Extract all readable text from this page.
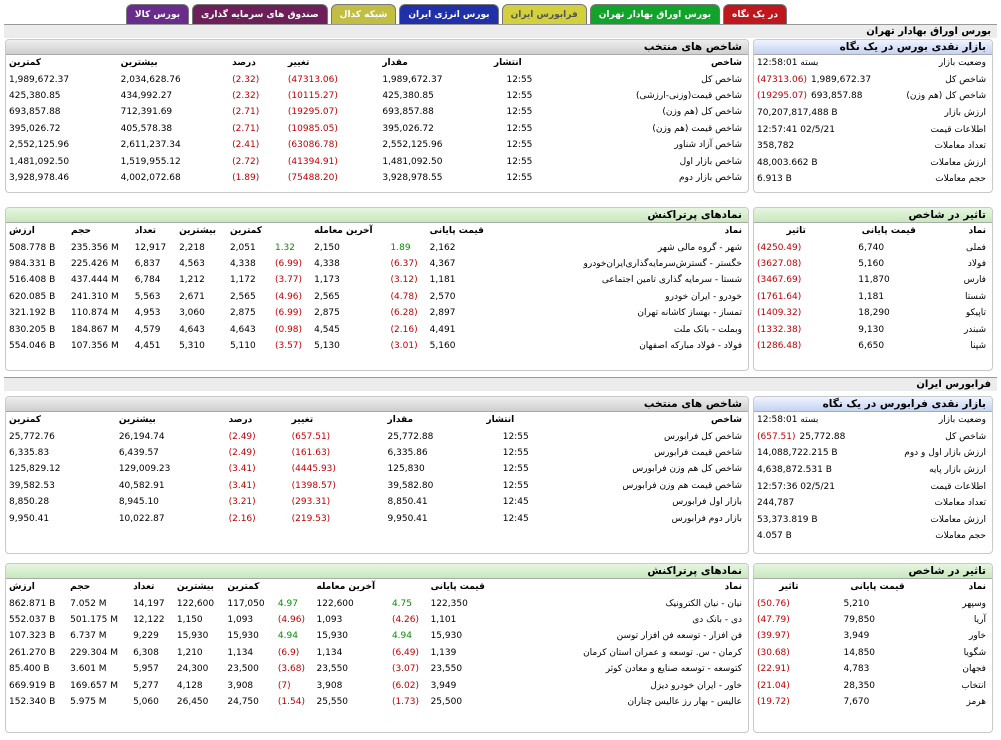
در یک نگاه
بورس اوراق بهادار تهران
فرابورس ایران
بورس انرژی ایران
شبکه کدال
صندوق های سرمایه گذاری
بورس کالا
بورس اوراق بهادار تهران
بازار نقدی بورس در یک نگاه
وضعیت بازار	بسته 12:58:01
شاخص کل	(47313.06) 1,989,672.37
شاخص کل (هم وزن)	(19295.07) 693,857.88
ارزش بازار	70,207,817,488 B
اطلاعات قیمت	12:57:41 02/5/21
تعداد معاملات	358,782
ارزش معاملات	48,003.662 B
حجم معاملات	6.913 B
شاخص های منتخب
شاخص	انتشار	مقدار	تغییر	درصد	بیشترین	کمترین
شاخص کل	12:55	1,989,672.37	(47313.06)	(2.32)	2,034,628.76	1,989,672.37
شاخص قیمت(وزنی-ارزشی)	12:55	425,380.85	(10115.27)	(2.32)	434,992.27	425,380.85
شاخص کل (هم وزن)	12:55	693,857.88	(19295.07)	(2.71)	712,391.69	693,857.88
شاخص قیمت (هم وزن)	12:55	395,026.72	(10985.05)	(2.71)	405,578.38	395,026.72
شاخص آزاد شناور	12:55	2,552,125.96	(63086.78)	(2.41)	2,611,237.34	2,552,125.96
شاخص بازار اول	12:55	1,481,092.50	(41394.91)	(2.72)	1,519,955.12	1,481,092.50
شاخص بازار دوم	12:55	3,928,978.55	(75488.20)	(1.89)	4,002,072.68	3,928,978.46
تاثیر در شاخص
نماد	قیمت پایانی	تاثیر
فملی	6,740	(4250.49)
فولاد	5,160	(3627.08)
فارس	11,870	(3467.69)
شستا	1,181	(1761.64)
تاپیکو	18,290	(1409.32)
شبندر	9,130	(1332.38)
شپنا	6,650	(1286.48)
نمادهای پرتراکنش
نماد	قیمت پایانی		آخرین معامله		کمترین	بیشترین	تعداد	حجم	ارزش
شهر - گروه مالی شهر	2,162	1.89	2,150	1.32	2,051	2,218	12,917	235.356 M	508.778 B
خگستر - گسترش‌سرمایه‌گذاری‌ایران‌خودرو	4,367	(6.37)	4,338	(6.99)	4,338	4,563	6,837	225.426 M	984.331 B
شستا - سرمایه گذاری تامین اجتماعی	1,181	(3.12)	1,173	(3.77)	1,172	1,212	6,784	437.444 M	516.408 B
خودرو - ایران خودرو	2,570	(4.78)	2,565	(4.96)	2,565	2,671	5,563	241.310 M	620.085 B
تمساز - بهساز کاشانه تهران	2,897	(6.28)	2,875	(6.99)	2,875	3,060	4,953	110.874 M	321.192 B
وبملت - بانک ملت	4,491	(2.16)	4,545	(0.98)	4,643	4,643	4,579	184.867 M	830.205 B
فولاد - فولاد مبارکه اصفهان	5,160	(3.01)	5,130	(3.57)	5,110	5,310	4,451	107.356 M	554.046 B
فرابورس ایران
بازار نقدی فرابورس در یک نگاه
وضعیت بازار	بسته 12:58:01
شاخص کل	(657.51) 25,772.88
ارزش بازار اول و دوم	14,088,722.215 B
ارزش بازار پایه	4,638,872.531 B
اطلاعات قیمت	12:57:36 02/5/21
تعداد معاملات	244,787
ارزش معاملات	53,373.819 B
حجم معاملات	4.057 B
شاخص های منتخب
شاخص	انتشار	مقدار	تغییر	درصد	بیشترین	کمترین
شاخص کل فرابورس	12:55	25,772.88	(657.51)	(2.49)	26,194.74	25,772.76
شاخص قیمت فرابورس	12:55	6,335.86	(161.63)	(2.49)	6,439.57	6,335.83
شاخص کل هم وزن فرابورس	12:55	125,830	(4445.93)	(3.41)	129,009.23	125,829.12
شاخص قیمت هم وزن فرابورس	12:55	39,582.80	(1398.57)	(3.41)	40,582.91	39,582.53
بازار اول فرابورس	12:45	8,850.41	(293.31)	(3.21)	8,945.10	8,850.28
بازار دوم فرابورس	12:45	9,950.41	(219.53)	(2.16)	10,022.87	9,950.41
تاثیر در شاخص
نماد	قیمت پایانی	تاثیر
وسپهر	5,210	(50.76)
آریا	79,850	(47.79)
خاور	3,949	(39.97)
شگویا	14,850	(30.68)
فجهان	4,783	(22.91)
انتخاب	28,350	(21.04)
هرمز	7,670	(19.72)
نمادهای پرتراکنش
نماد	قیمت پایانی		آخرین معامله		کمترین	بیشترین	تعداد	حجم	ارزش
نیان - نیان الکترونیک	122,350	4.75	122,600	4.97	117,050	122,600	14,197	7.052 M	862.871 B
دی - بانک دی	1,101	(4.26)	1,093	(4.96)	1,093	1,150	12,122	501.175 M	552.037 B
فن افزار - توسعه فن افزار توسن	15,930	4.94	15,930	4.94	15,930	15,930	9,229	6.737 M	107.323 B
کرمان - س. توسعه و عمران استان کرمان	1,139	(6.49)	1,134	(6.9)	1,134	1,210	6,308	229.304 M	261.270 B
کتوسعه - توسعه صنایع و معادن کوثر	23,550	(3.07)	23,550	(3.68)	23,500	24,300	5,957	3.601 M	85.400 B
خاور - ایران خودرو دیزل	3,949	(6.02)	3,908	(7)	3,908	4,128	5,277	169.657 M	669.919 B
عالیس - بهار رز عالیس چناران	25,500	(1.73)	25,550	(1.54)	24,750	26,450	5,060	5.975 M	152.340 B
